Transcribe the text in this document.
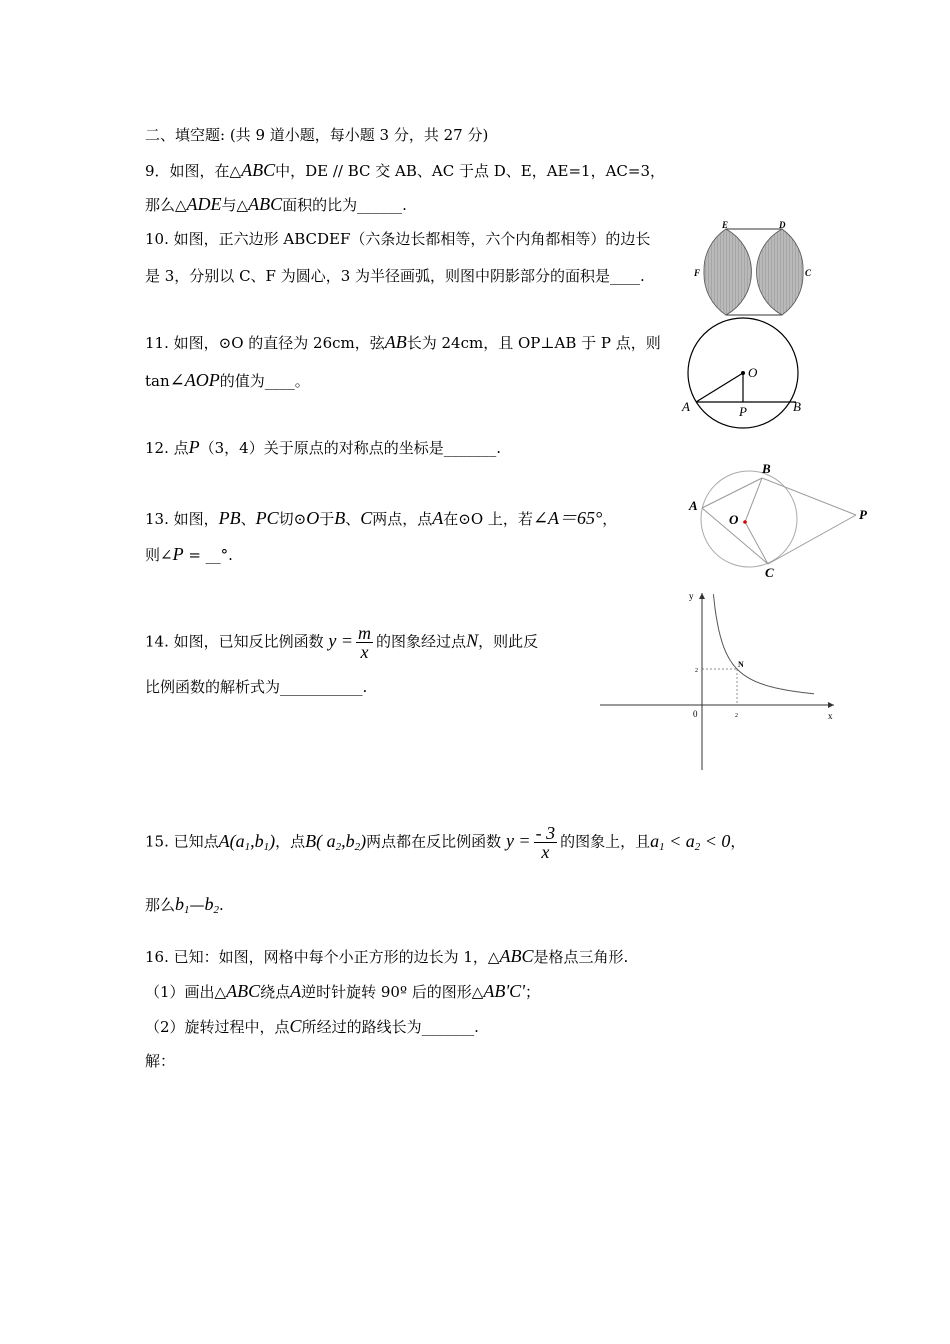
二、填空题: (共 9 道小题，每小题 3 分，共 27 分)
9．如图，在△ABC中，DE // BC 交 AB、AC 于点 D、E，AE=1，AC=3，
那么△ADE与△ABC面积的比为______.
10. 如图，正六边形 ABCDEF（六条边长都相等，六个内角都相等）的边长
是 3，分别以 C、F 为圆心，3 为半径画弧，则图中阴影部分的面积是____.
E	D
F	C
11. 如图，⊙O 的直径为 26cm，弦AB长为 24cm，且 OP⊥AB 于 P 点，则
tan∠AOP的值为____。	O
A	P	B
12. 点P（3，4）关于原点的对称点的坐标是_______.
13. 如图，PB、PC切⊙O于B、C两点，点A在⊙O 上，若∠A＝65°，
则∠P = __°.
A
B
O	P
C
14. 如图，已知反比例函数 $y = \frac{m}{x}$ 的图象经过点N，则此反
比例函数的解析式为___________.
y
x
0	2
2
N
15. 已知点$A(a_1,b_1)$，点B( $a_2,b_2$)两点都在反比例函数 $y = \frac{- 3}{x}$ 的图象上，且$a_1 < a_2 < 0$，
那么$b_1—b_2$.
16. 已知：如图，网格中每个小正方形的边长为 1，△ABC是格点三角形.
（1）画出△ABC绕点A逆时针旋转 90º 后的图形△AB'C'；
（2）旋转过程中，点C所经过的路线长为_______.
解：
